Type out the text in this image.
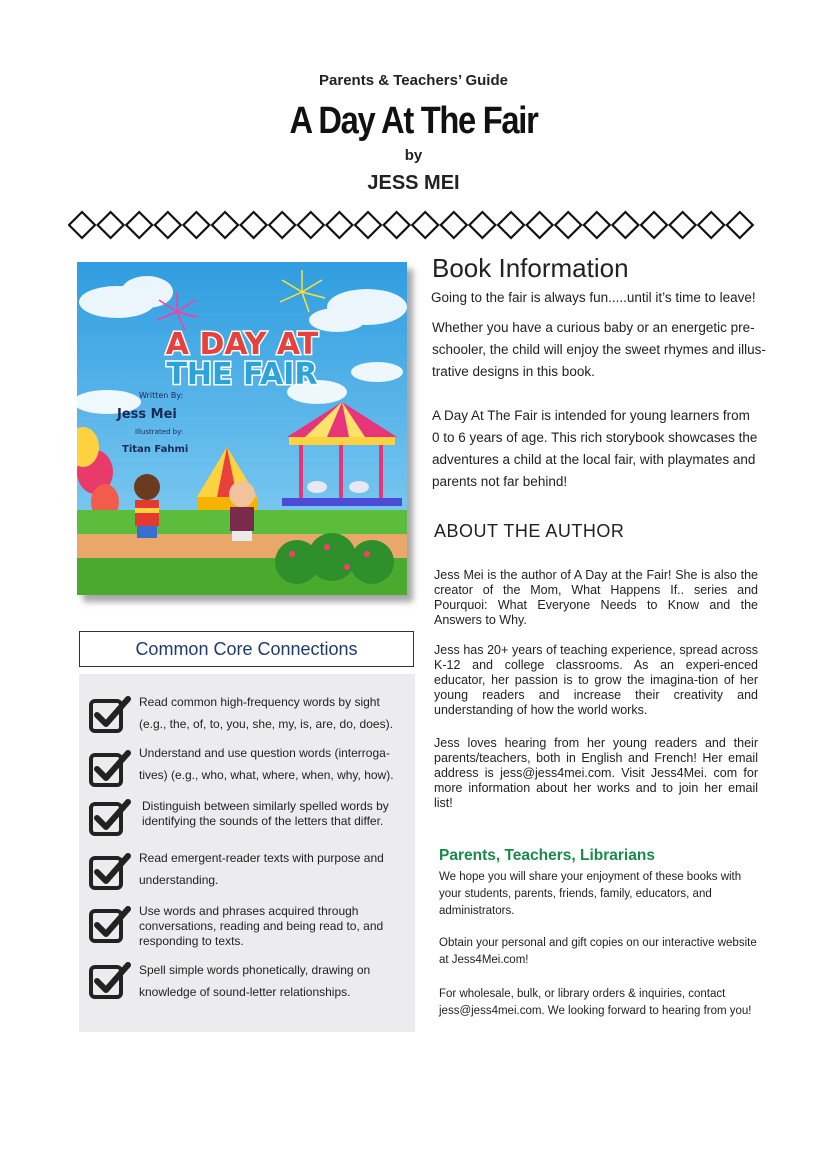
Parents & Teachers’ Guide
A Day At The Fair
by
JESS MEI
A DAY AT
THE FAIR
Written By:
Jess Mei
Illustrated by:
Titan Fahmi
Book Information
Going to the fair is always fun.....until it’s time to leave!
Whether you have a curious baby or an energetic pre-
schooler, the child will enjoy the sweet rhymes and illus-
trative designs in this book.
A Day At The Fair is intended for young learners from
0 to 6 years of age. This rich storybook showcases the
adventures a child at the local fair, with playmates and
parents not far behind!
ABOUT THE AUTHOR
Jess Mei is the author of A Day at the Fair! She is also the creator of the Mom, What Happens If.. series and Pourquoi: What Everyone Needs to Know and the Answers to Why.
Jess has 20+ years of teaching experience, spread across K-12 and college classrooms. As an experi-enced educator, her passion is to grow the imagina-tion of her young readers and increase their creativity and understanding of how the world works.
Jess loves hearing from her young readers and their parents/teachers, both in English and French! Her email address is jess@jess4mei.com. Visit Jess4Mei. com for more information about her works and to join her email list!
Parents, Teachers, Librarians
We hope you will share your enjoyment of these books with your students, parents, friends, family, educators, and administrators.
Obtain your personal and gift copies on our interactive website at Jess4Mei.com!
For wholesale, bulk, or library orders & inquiries, contact jess@jess4mei.com. We looking forward to hearing from you!
Common Core Connections
Read common high-frequency words by sight
(e.g., the, of, to, you, she, my, is, are, do, does).
Understand and use question words (interroga-
tives) (e.g., who, what, where, when, why, how).
Distinguish between similarly spelled words by
identifying the sounds of the letters that differ.
Read emergent-reader texts with purpose and
understanding.
Use words and phrases acquired through
conversations, reading and being read to, and
responding to texts.
Spell simple words phonetically, drawing on
knowledge of sound-letter relationships.
